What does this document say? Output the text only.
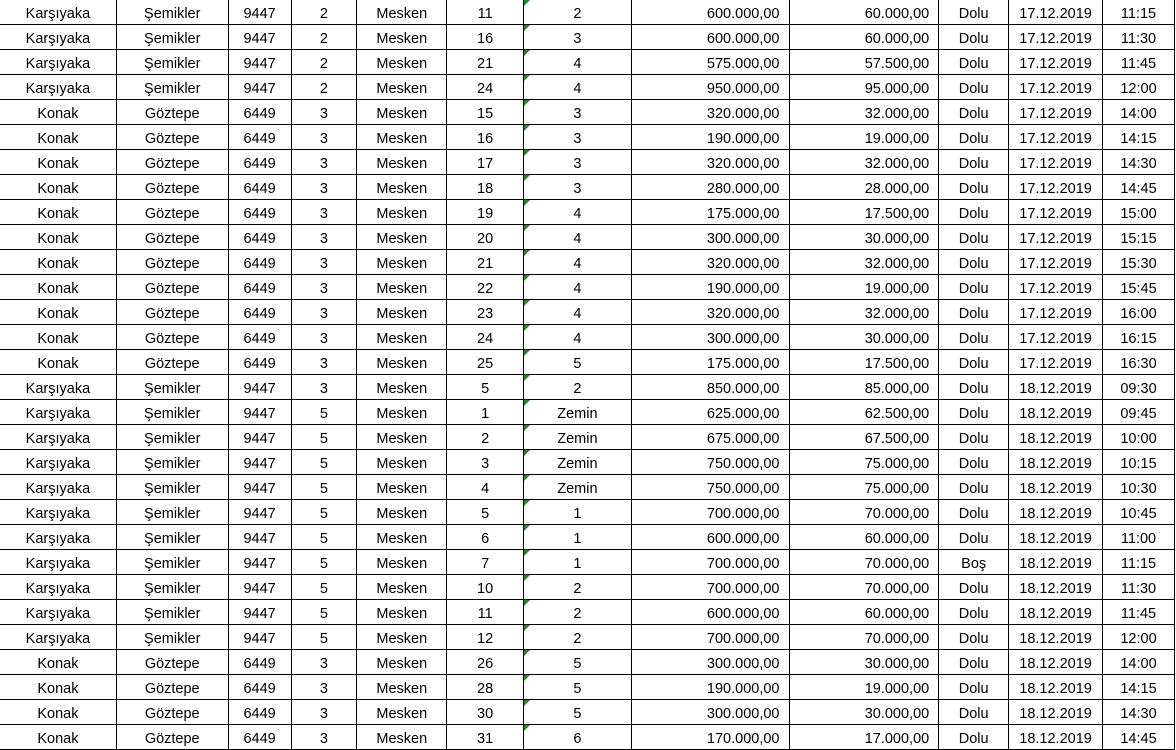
Karşıyaka	Şemikler	9447	2	Mesken	11	2	600.000,00	60.000,00	Dolu	17.12.2019	11:15
Karşıyaka	Şemikler	9447	2	Mesken	16	3	600.000,00	60.000,00	Dolu	17.12.2019	11:30
Karşıyaka	Şemikler	9447	2	Mesken	21	4	575.000,00	57.500,00	Dolu	17.12.2019	11:45
Karşıyaka	Şemikler	9447	2	Mesken	24	4	950.000,00	95.000,00	Dolu	17.12.2019	12:00
Konak	Göztepe	6449	3	Mesken	15	3	320.000,00	32.000,00	Dolu	17.12.2019	14:00
Konak	Göztepe	6449	3	Mesken	16	3	190.000,00	19.000,00	Dolu	17.12.2019	14:15
Konak	Göztepe	6449	3	Mesken	17	3	320.000,00	32.000,00	Dolu	17.12.2019	14:30
Konak	Göztepe	6449	3	Mesken	18	3	280.000,00	28.000,00	Dolu	17.12.2019	14:45
Konak	Göztepe	6449	3	Mesken	19	4	175.000,00	17.500,00	Dolu	17.12.2019	15:00
Konak	Göztepe	6449	3	Mesken	20	4	300.000,00	30.000,00	Dolu	17.12.2019	15:15
Konak	Göztepe	6449	3	Mesken	21	4	320.000,00	32.000,00	Dolu	17.12.2019	15:30
Konak	Göztepe	6449	3	Mesken	22	4	190.000,00	19.000,00	Dolu	17.12.2019	15:45
Konak	Göztepe	6449	3	Mesken	23	4	320.000,00	32.000,00	Dolu	17.12.2019	16:00
Konak	Göztepe	6449	3	Mesken	24	4	300.000,00	30.000,00	Dolu	17.12.2019	16:15
Konak	Göztepe	6449	3	Mesken	25	5	175.000,00	17.500,00	Dolu	17.12.2019	16:30
Karşıyaka	Şemikler	9447	3	Mesken	5	2	850.000,00	85.000,00	Dolu	18.12.2019	09:30
Karşıyaka	Şemikler	9447	5	Mesken	1	Zemin	625.000,00	62.500,00	Dolu	18.12.2019	09:45
Karşıyaka	Şemikler	9447	5	Mesken	2	Zemin	675.000,00	67.500,00	Dolu	18.12.2019	10:00
Karşıyaka	Şemikler	9447	5	Mesken	3	Zemin	750.000,00	75.000,00	Dolu	18.12.2019	10:15
Karşıyaka	Şemikler	9447	5	Mesken	4	Zemin	750.000,00	75.000,00	Dolu	18.12.2019	10:30
Karşıyaka	Şemikler	9447	5	Mesken	5	1	700.000,00	70.000,00	Dolu	18.12.2019	10:45
Karşıyaka	Şemikler	9447	5	Mesken	6	1	600.000,00	60.000,00	Dolu	18.12.2019	11:00
Karşıyaka	Şemikler	9447	5	Mesken	7	1	700.000,00	70.000,00	Boş	18.12.2019	11:15
Karşıyaka	Şemikler	9447	5	Mesken	10	2	700.000,00	70.000,00	Dolu	18.12.2019	11:30
Karşıyaka	Şemikler	9447	5	Mesken	11	2	600.000,00	60.000,00	Dolu	18.12.2019	11:45
Karşıyaka	Şemikler	9447	5	Mesken	12	2	700.000,00	70.000,00	Dolu	18.12.2019	12:00
Konak	Göztepe	6449	3	Mesken	26	5	300.000,00	30.000,00	Dolu	18.12.2019	14:00
Konak	Göztepe	6449	3	Mesken	28	5	190.000,00	19.000,00	Dolu	18.12.2019	14:15
Konak	Göztepe	6449	3	Mesken	30	5	300.000,00	30.000,00	Dolu	18.12.2019	14:30
Konak	Göztepe	6449	3	Mesken	31	6	170.000,00	17.000,00	Dolu	18.12.2019	14:45
